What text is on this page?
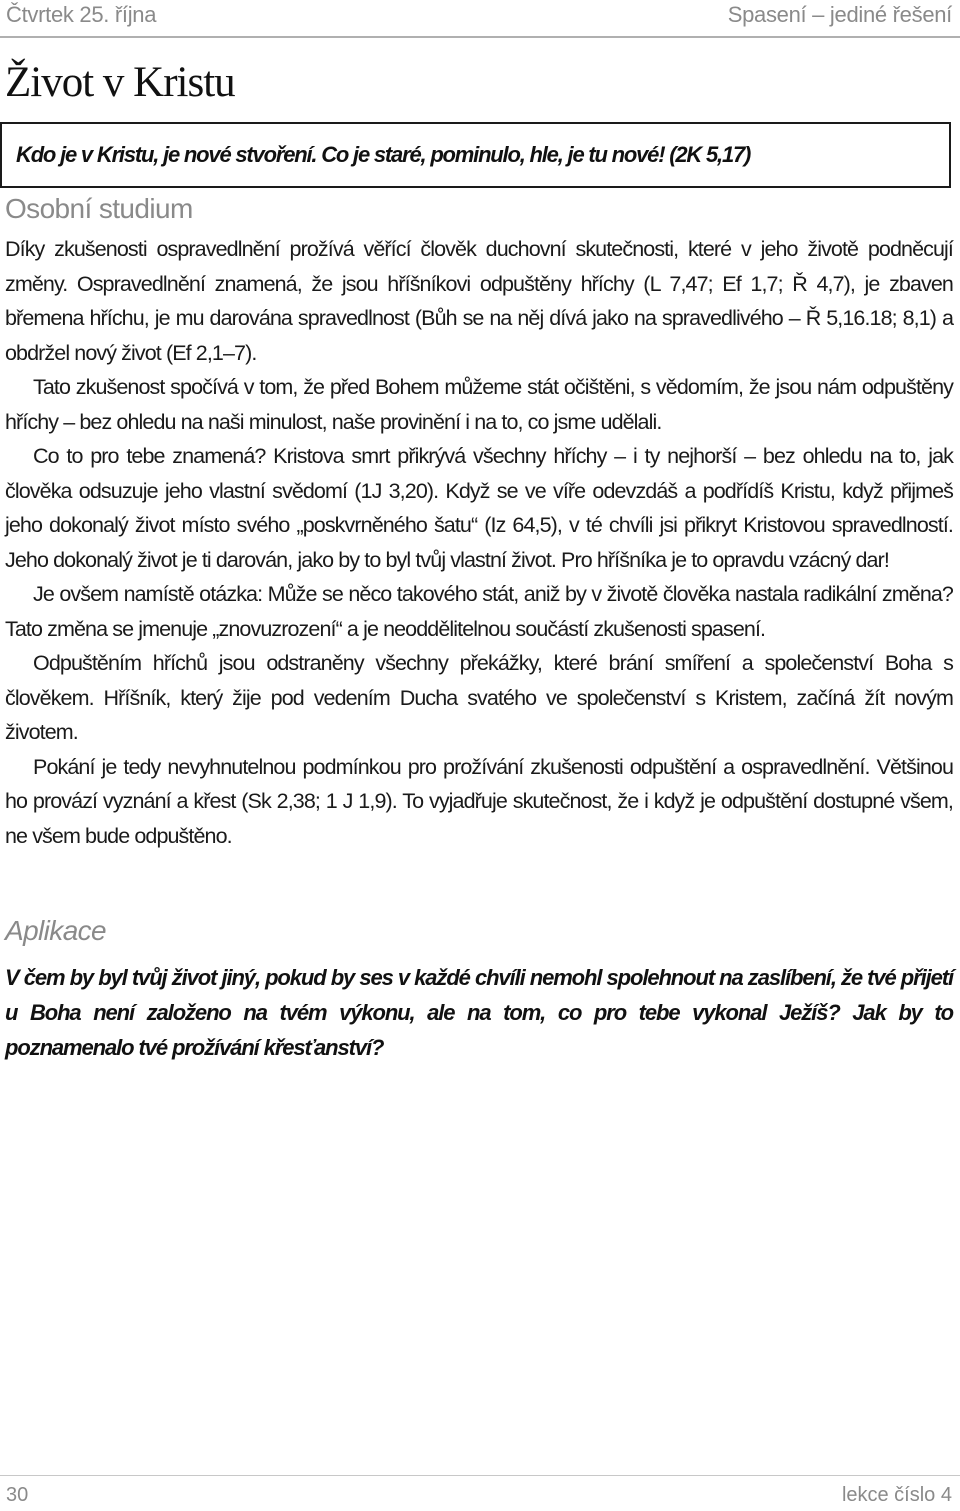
Čtvrtek 25. října	Spasení – jediné řešení
Život v Kristu
Kdo je v Kristu, je nové stvoření. Co je staré, pominulo, hle, je tu nové! (2K 5,17)
Osobní studium

Díky zkušenosti ospravedlnění prožívá věřící člověk duchovní skutečnosti, které v jeho životě podněcují změny. Ospravedlnění znamená, že jsou hříšníkovi odpuštěny hříchy (L 7,47; Ef 1,7; Ř 4,7), je zbaven břemena hříchu, je mu darována spravedlnost (Bůh se na něj dívá jako na spravedlivého – Ř 5,16.18; 8,1) a obdržel nový život (Ef 2,1–7).

Tato zkušenost spočívá v tom, že před Bohem můžeme stát očištěni, s vědomím, že jsou nám odpuštěny hříchy – bez ohledu na naši minulost, naše provinění i na to, co jsme udělali.

Co to pro tebe znamená? Kristova smrt přikrývá všechny hříchy – i ty nejhorší – bez ohledu na to, jak člověka odsuzuje jeho vlastní svědomí (1J 3,20). Když se ve víře odevzdáš a podřídíš Kristu, když přijmeš jeho dokonalý život místo svého „poskvrněného šatu“ (Iz 64,5), v té chvíli jsi přikryt Kristovou spravedlností. Jeho dokonalý život je ti darován, jako by to byl tvůj vlastní život. Pro hříšníka je to opravdu vzácný dar!

Je ovšem namístě otázka: Může se něco takového stát, aniž by v životě člověka nastala radikální změna? Tato změna se jmenuje „znovuzrození“ a je neoddělitelnou součástí zkušenosti spasení.

Odpuštěním hříchů jsou odstraněny všechny překážky, které brání smíření a společenství Boha s člověkem. Hříšník, který žije pod vedením Ducha svatého ve společenství s Kristem, začíná žít novým životem.

Pokání je tedy nevyhnutelnou podmínkou pro prožívání zkušenosti odpuštění a ospravedlnění. Většinou ho provází vyznání a křest (Sk 2,38; 1 J 1,9). To vyjadřuje skutečnost, že i když je odpuštění dostupné všem, ne všem bude odpuštěno.

Aplikace

V čem by byl tvůj život jiný, pokud by ses v každé chvíli nemohl spolehnout na zaslíbení, že tvé přijetí u Boha není založeno na tvém výkonu, ale na tom, co pro tebe vykonal Ježíš? Jak by to poznamenalo tvé prožívání křesťanství?

30	lekce číslo 4
